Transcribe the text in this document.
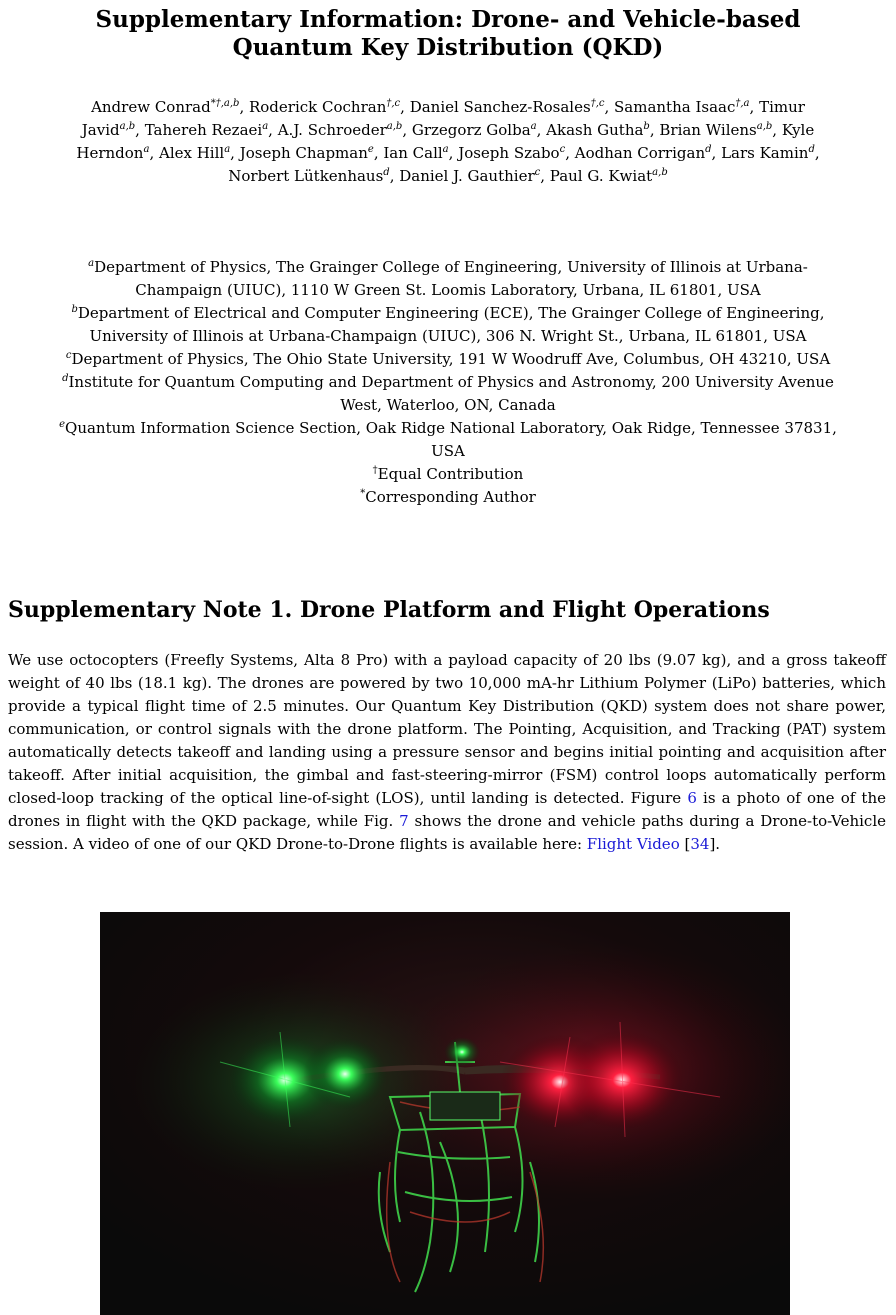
Supplementary Information: Drone- and Vehicle-based
Quantum Key Distribution (QKD)
Andrew Conrad$^{*\dagger,a,b}$, Roderick Cochran$^{\dagger,c}$, Daniel Sanchez-Rosales$^{\dagger,c}$, Samantha Isaac$^{\dagger,a}$, Timur Javid$^{a,b}$, Tahereh Rezaei$^a$, A.J. Schroeder$^{a,b}$, Grzegorz Golba$^a$, Akash Gutha$^b$, Brian Wilens$^{a,b}$, Kyle Herndon$^a$, Alex Hill$^a$, Joseph Chapman$^e$, Ian Call$^a$, Joseph Szabo$^c$, Aodhan Corrigan$^d$, Lars Kamin$^d$, Norbert Lütkenhaus$^d$, Daniel J. Gauthier$^c$, Paul G. Kwiat$^{a,b}$
$^a$Department of Physics, The Grainger College of Engineering, University of Illinois at Urbana-Champaign (UIUC), 1110 W Green St. Loomis Laboratory, Urbana, IL 61801, USA
$^b$Department of Electrical and Computer Engineering (ECE), The Grainger College of Engineering, University of Illinois at Urbana-Champaign (UIUC), 306 N. Wright St., Urbana, IL 61801, USA
$^c$Department of Physics, The Ohio State University, 191 W Woodruff Ave, Columbus, OH 43210, USA
$^d$Institute for Quantum Computing and Department of Physics and Astronomy, 200 University Avenue West, Waterloo, ON, Canada
$^e$Quantum Information Science Section, Oak Ridge National Laboratory, Oak Ridge, Tennessee 37831, USA
†Equal Contribution
*Corresponding Author
Supplementary Note 1. Drone Platform and Flight Operations
We use octocopters (Freefly Systems, Alta 8 Pro) with a payload capacity of 20 lbs (9.07 kg), and a gross takeoff weight of 40 lbs (18.1 kg). The drones are powered by two 10,000 mA-hr Lithium Polymer (LiPo) batteries, which provide a typical flight time of 2.5 minutes. Our Quantum Key Distribution (QKD) system does not share power, communication, or control signals with the drone platform. The Pointing, Acquisition, and Tracking (PAT) system automatically detects takeoff and landing using a pressure sensor and begins initial pointing and acquisition after takeoff. After initial acquisition, the gimbal and fast-steering-mirror (FSM) control loops automatically perform closed-loop tracking of the optical line-of-sight (LOS), until landing is detected. Figure 6 is a photo of one of the drones in flight with the QKD package, while Fig. 7 shows the drone and vehicle paths during a Drone-to-Vehicle session. A video of one of our QKD Drone-to-Drone flights is available here: Flight Video [34].
